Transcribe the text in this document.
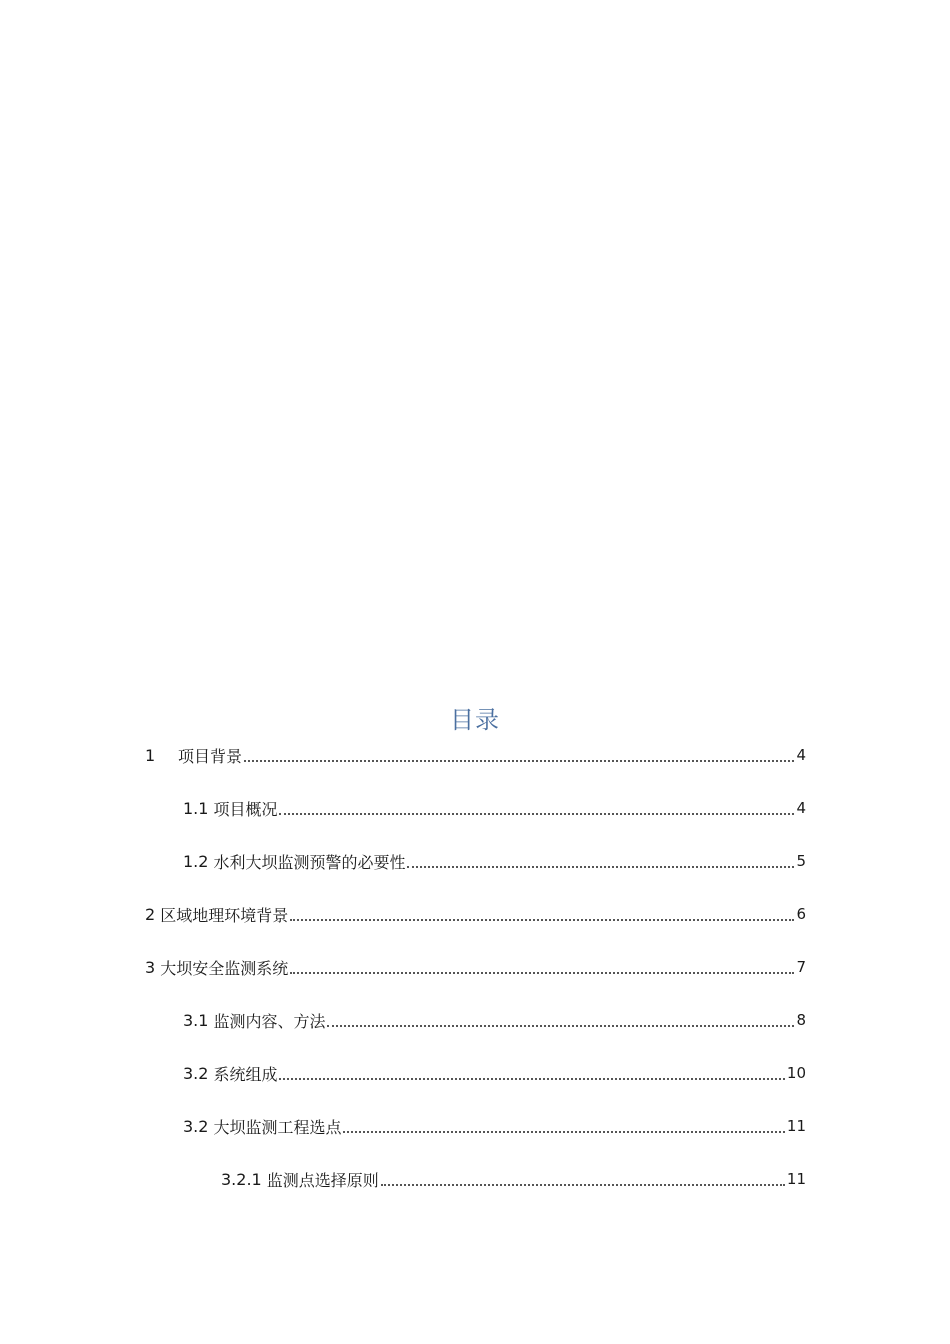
目录
1	项目背景	4
1.1 项目概况	4
1.2 水利大坝监测预警的必要性	5
2 区域地理环境背景	6
3 大坝安全监测系统	7
3.1 监测内容、方法	8
3.2 系统组成	10
3.2 大坝监测工程选点	11
3.2.1 监测点选择原则	11
